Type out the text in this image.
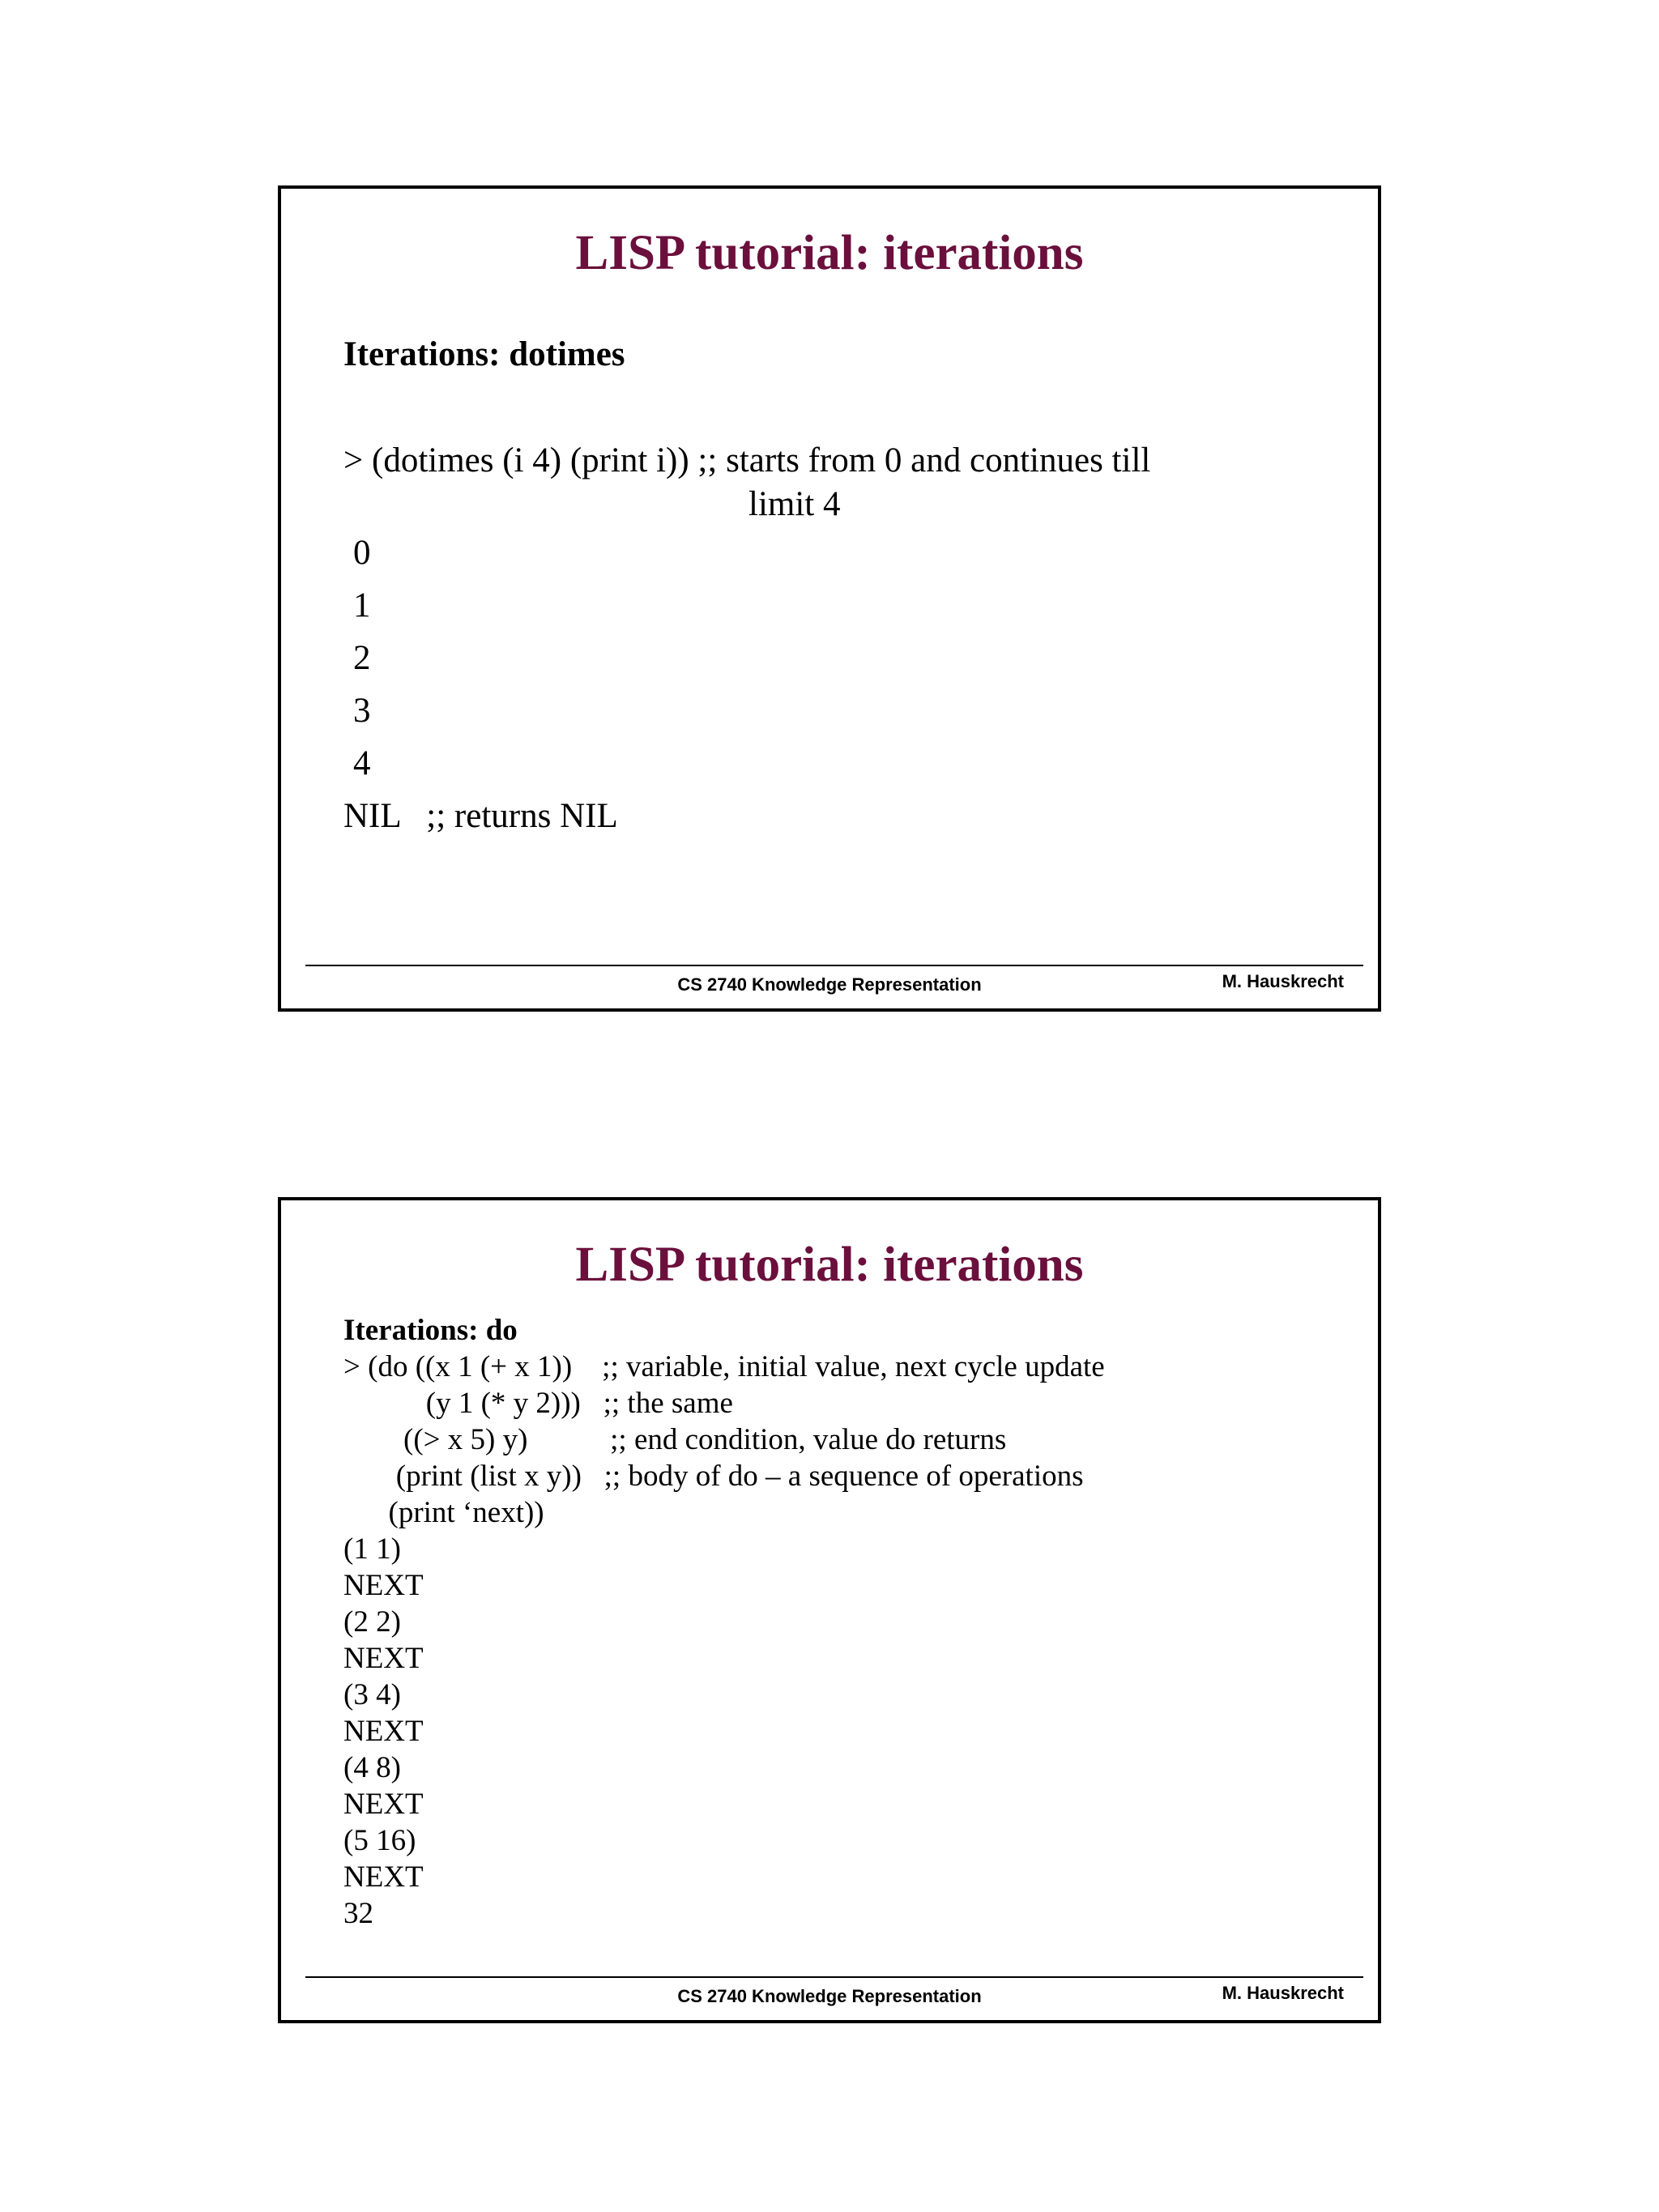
LISP tutorial: iterations

Iterations: dotimes

> (dotimes (i 4) (print i)) ;; starts from 0 and continues till
limit 4
0
1
2
3
4
NIL   ;; returns NIL
CS 2740 Knowledge Representation	M. Hauskrecht
LISP tutorial: iterations

Iterations: do

> (do ((x 1 (+ x 1))    ;; variable, initial value, next cycle update
(y 1 (* y 2)))   ;; the same
((> x 5) y)           ;; end condition, value do returns
(print (list x y))   ;; body of do – a sequence of operations
(print ‘next))
(1 1)
NEXT
(2 2)
NEXT
(3 4)
NEXT
(4 8)
NEXT
(5 16)
NEXT
32
CS 2740 Knowledge Representation	M. Hauskrecht
